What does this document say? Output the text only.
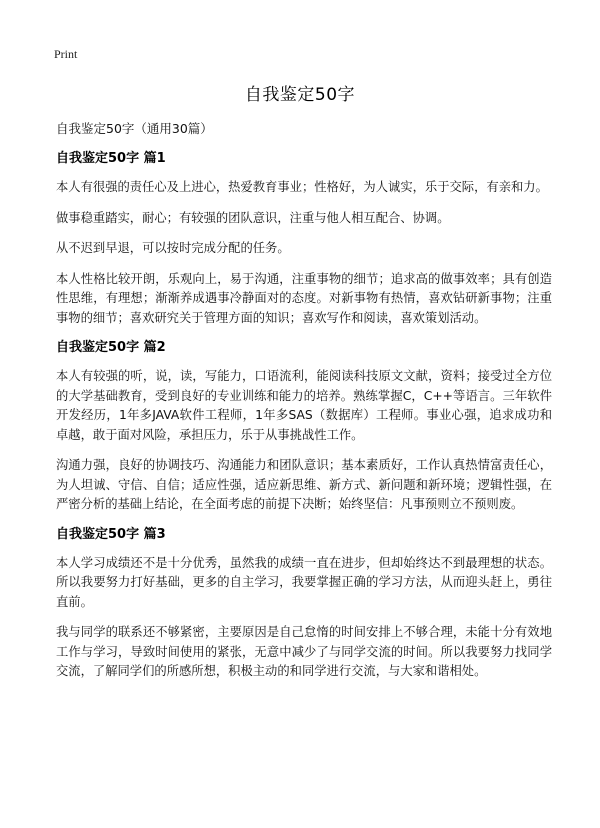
Print
自我鉴定50字

自我鉴定50字（通用30篇）

自我鉴定50字 篇1

本人有很强的责任心及上进心，热爱教育事业；性格好，为人诚实，乐于交际，有亲和力。

做事稳重踏实，耐心；有较强的团队意识，注重与他人相互配合、协调。

从不迟到早退，可以按时完成分配的任务。

本人性格比较开朗，乐观向上，易于沟通，注重事物的细节；追求高的做事效率；具有创造性思维，有理想；渐渐养成遇事冷静面对的态度。对新事物有热情，喜欢钻研新事物；注重事物的细节；喜欢研究关于管理方面的知识；喜欢写作和阅读，喜欢策划活动。

自我鉴定50字 篇2

本人有较强的听，说，读，写能力，口语流利，能阅读科技原文文献，资料；接受过全方位的大学基础教育，受到良好的专业训练和能力的培养。熟练掌握C，C++等语言。三年软件开发经历，1年多JAVA软件工程师，1年多SAS（数据库）工程师。事业心强，追求成功和卓越，敢于面对风险，承担压力，乐于从事挑战性工作。

沟通力强，良好的协调技巧、沟通能力和团队意识；基本素质好，工作认真热情富责任心，为人坦诚、守信、自信；适应性强，适应新思维、新方式、新问题和新环境；逻辑性强，在严密分析的基础上结论，在全面考虑的前提下决断；始终坚信：凡事预则立不预则废。

自我鉴定50字 篇3

本人学习成绩还不是十分优秀，虽然我的成绩一直在进步，但却始终达不到最理想的状态。所以我要努力打好基础，更多的自主学习，我要掌握正确的学习方法，从而迎头赶上，勇往直前。

我与同学的联系还不够紧密，主要原因是自己怠惰的时间安排上不够合理，未能十分有效地工作与学习，导致时间使用的紧张，无意中减少了与同学交流的时间。所以我要努力找同学交流，了解同学们的所感所想，积极主动的和同学进行交流，与大家和谐相处。
